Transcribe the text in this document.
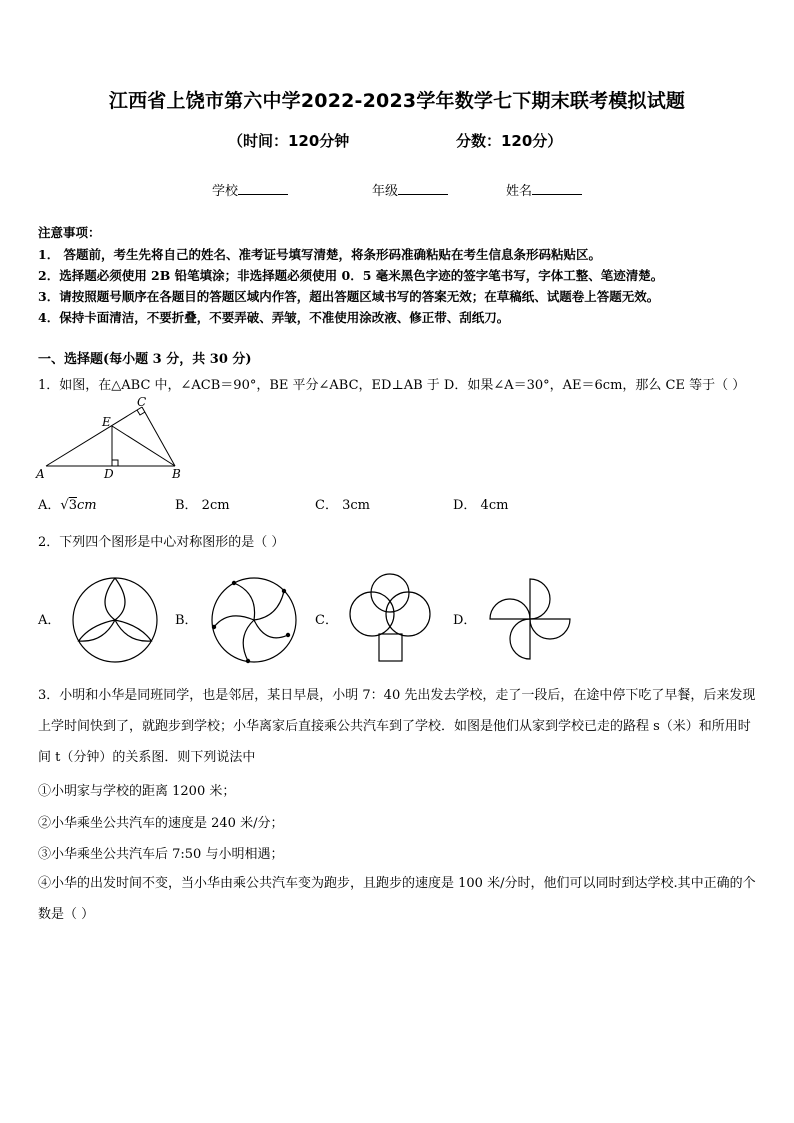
江西省上饶市第六中学2022-2023学年数学七下期末联考模拟试题
（时间：120分钟	分数：120分）
学校	年级	姓名
注意事项：
1． 答题前，考生先将自己的姓名、准考证号填写清楚，将条形码准确粘贴在考生信息条形码粘贴区。
2．选择题必须使用 2B 铅笔填涂；非选择题必须使用 0．5 毫米黑色字迹的签字笔书写，字体工整、笔迹清楚。
3．请按照题号顺序在各题目的答题区域内作答，超出答题区域书写的答案无效；在草稿纸、试题卷上答题无效。
4．保持卡面清洁，不要折叠，不要弄破、弄皱，不准使用涂改液、修正带、刮纸刀。
一、选择题(每小题 3 分，共 30 分)
1．如图，在△ABC 中，∠ACB＝90°，BE 平分∠ABC，ED⊥AB 于 D．如果∠A＝30°，AE＝6cm，那么 CE 等于（ ）
A	B
C
D
E
A．√3cm	B． 2cm	C． 3cm	D． 4cm
2．下列四个图形是中心对称图形的是（ ）
A．	B．	C．	D．
3．小明和小华是同班同学，也是邻居，某日早晨，小明 7：40 先出发去学校，走了一段后，在途中停下吃了早餐，后来发现上学时间快到了，就跑步到学校；小华离家后直接乘公共汽车到了学校．如图是他们从家到学校已走的路程 s（米）和所用时间 t（分钟）的关系图．则下列说法中
①小明家与学校的距离 1200 米；
②小华乘坐公共汽车的速度是 240 米/分；
③小华乘坐公共汽车后 7:50 与小明相遇；
④小华的出发时间不变，当小华由乘公共汽车变为跑步，且跑步的速度是 100 米/分时，他们可以同时到达学校.其中正确的个数是（ ）
